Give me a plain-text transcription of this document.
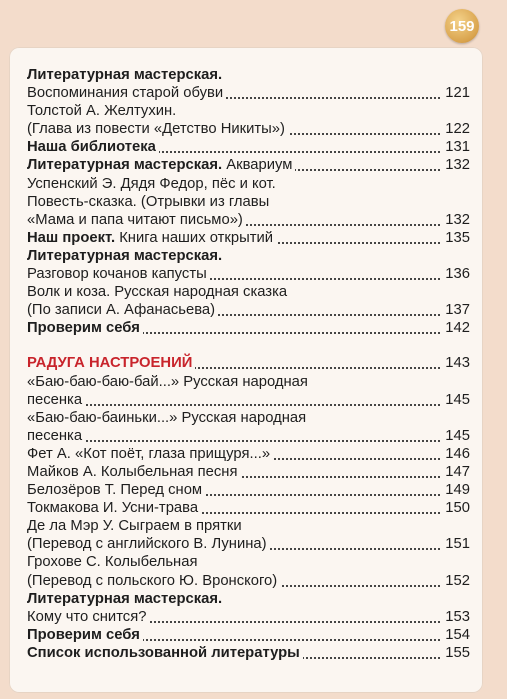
159
Литературная мастерская.
Воспоминания старой обуви	121
Толстой А. Желтухин.
(Глава из повести «Детство Никиты»)	122
Наша библиотека	131
Литературная мастерская. Аквариум	132
Успенский Э. Дядя Федор, пёс и кот.
Повесть-сказка. (Отрывки из главы
«Мама и папа читают письмо»)	132
Наш проект. Книга наших открытий	135
Литературная мастерская.
Разговор кочанов капусты	136
Волк и коза. Русская народная сказка
(По записи А. Афанасьева)	137
Проверим себя	142
РАДУГА НАСТРОЕНИЙ	143
«Баю-баю-баю-бай...» Русская народная
песенка	145
«Баю-баю-баиньки...» Русская народная
песенка	145
Фет А. «Кот поёт, глаза прищуря...»	146
Майков А. Колыбельная песня	147
Белозёров Т. Перед сном	149
Токмакова И. Усни-трава	150
Де ла Мэр У. Сыграем в прятки
(Перевод с английского В. Лунина)	151
Грохове С. Колыбельная
(Перевод с польского Ю. Вронского)	152
Литературная мастерская.
Кому что снится?	153
Проверим себя	154
Список использованной литературы	155
